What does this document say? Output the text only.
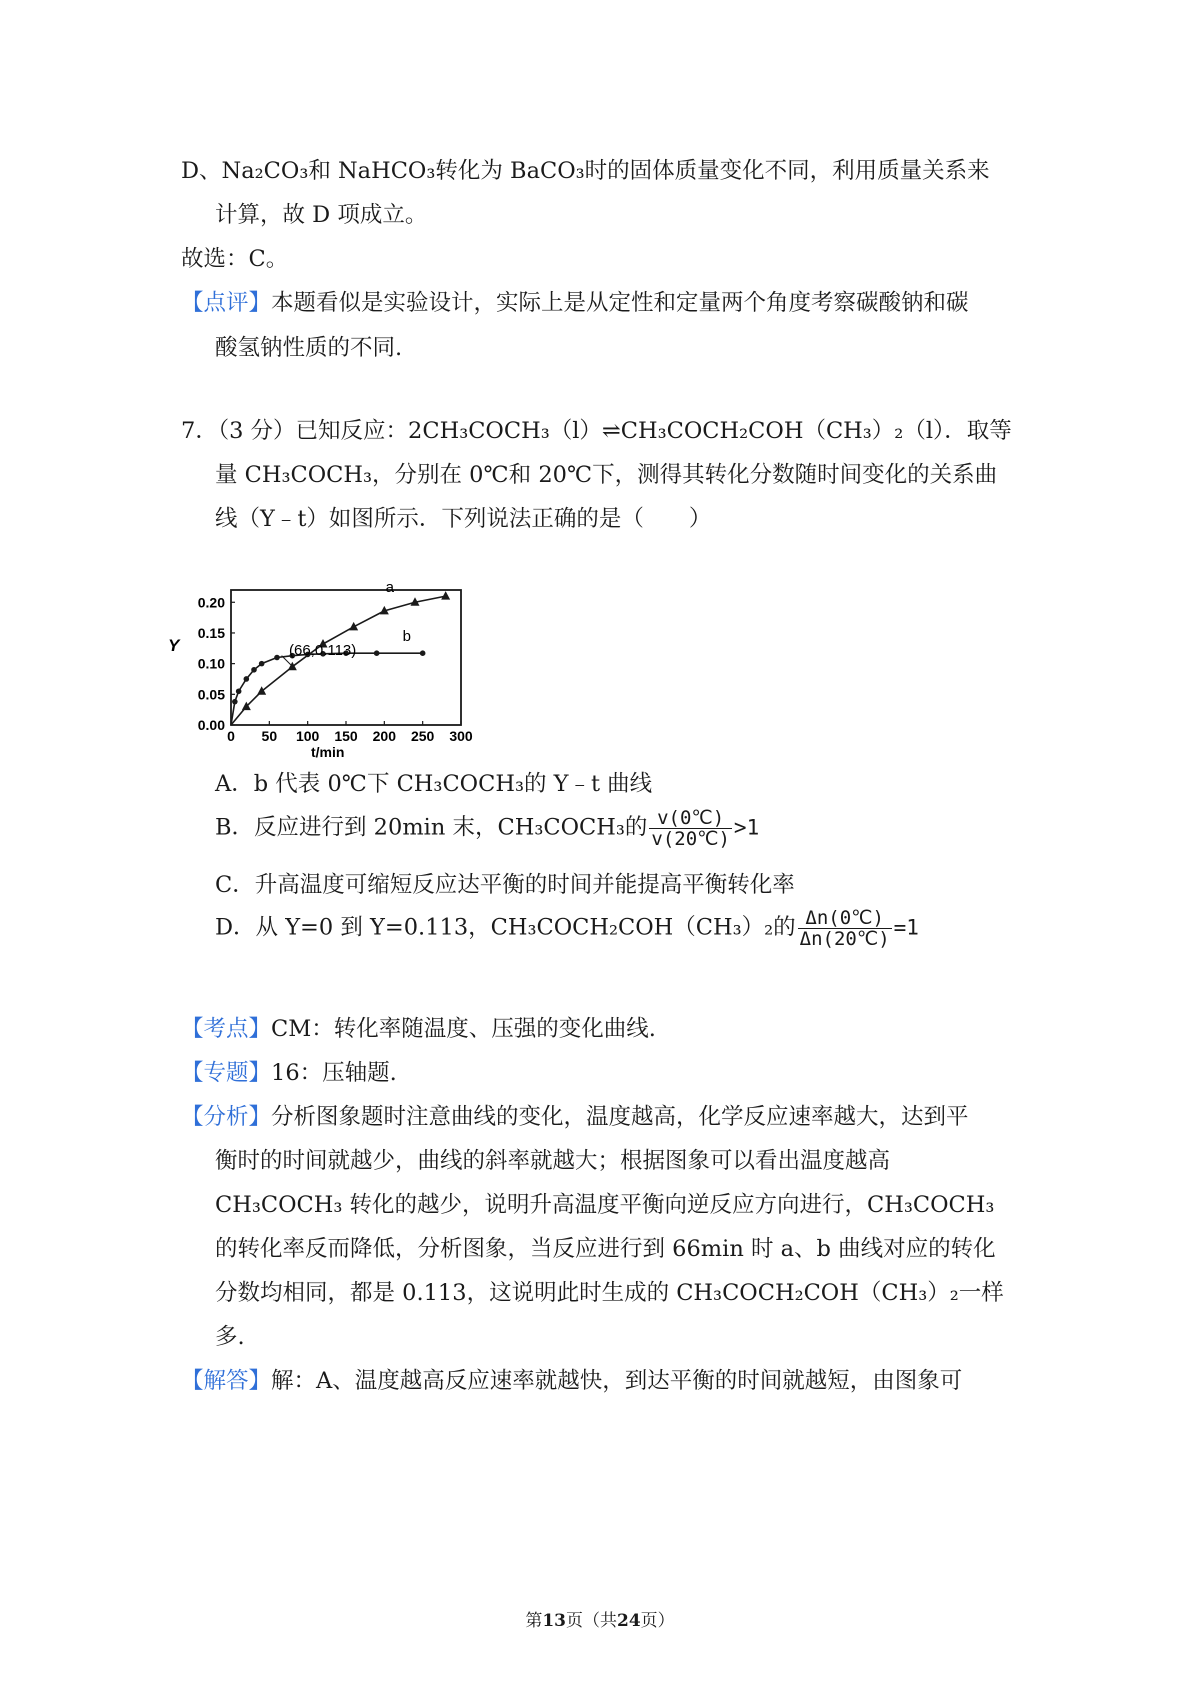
D、Na₂CO₃和 NaHCO₃转化为 BaCO₃时的固体质量变化不同，利用质量关系来
计算，故 D 项成立。
故选：C。
【点评】本题看似是实验设计，实际上是从定性和定量两个角度考察碳酸钠和碳
酸氢钠性质的不同.
7．（3 分）已知反应：2CH₃COCH₃（l）⇌CH₃COCH₂COH（CH₃）₂（l）．取等
量 CH₃COCH₃，分别在 0℃和 20℃下，测得其转化分数随时间变化的关系曲
线（Y﹣t）如图所示．下列说法正确的是（　　）
0 50 100 150 200 250 300
0.00
0.05
0.10
0.15
0.20
a
b
Y
t/min
(66,0.113)
A．b 代表 0℃下 CH₃COCH₃的 Y﹣t 曲线
B．反应进行到 20min 末，CH₃COCH₃的 $\frac{v(0℃)}{v(20℃)} >1$
C．升高温度可缩短反应达平衡的时间并能提高平衡转化率
D．从 Y=0 到 Y=0.113，CH₃COCH₂COH（CH₃）₂的 $\frac{\Delta n(0℃)}{\Delta n(20℃)} =1$
【考点】CM：转化率随温度、压强的变化曲线.
【专题】16：压轴题.
【分析】分析图象题时注意曲线的变化，温度越高，化学反应速率越大，达到平
衡时的时间就越少，曲线的斜率就越大；根据图象可以看出温度越高
CH₃COCH₃ 转化的越少，说明升高温度平衡向逆反应方向进行，CH₃COCH₃
的转化率反而降低，分析图象，当反应进行到 66min 时 a、b 曲线对应的转化
分数均相同，都是 0.113，这说明此时生成的 CH₃COCH₂COH（CH₃）₂一样
多.
【解答】解：A、温度越高反应速率就越快，到达平衡的时间就越短，由图象可
第13页（共24页）
